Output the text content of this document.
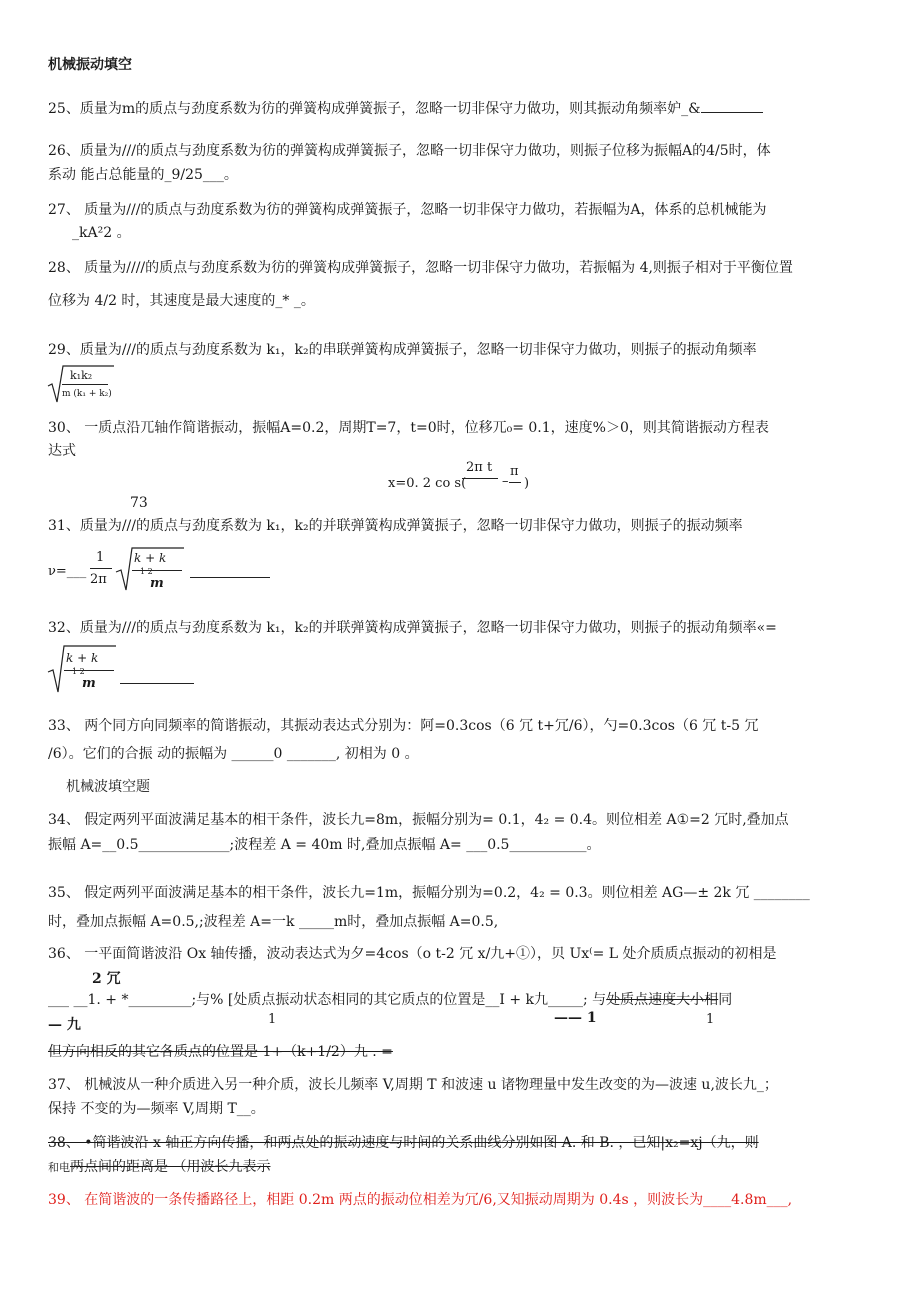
机械振动填空
25、质量为m的质点与劲度系数为彷的弹簧构成弹簧振子，忽略一切非保守力做功，则其振动角频率妒_&
26、质量为///的质点与劲度系数为彷的弹簧构成弹簧振子，忽略一切非保守力做功，则振子位移为振幅A的4/5时，体
系动 能占总能量的_9/25___。
27、 质量为///的质点与劲度系数为彷的弹簧构成弹簧振子，忽略一切非保守力做功，若振幅为A，体系的总机械能为
_kA²2 。
28、 质量为////的质点与劲度系数为彷的弹簧构成弹簧振子，忽略一切非保守力做功，若振幅为 4,则振子相对于平衡位置
位移为 4/2 时，其速度是最大速度的_* _。
29、质量为///的质点与劲度系数为 k₁，k₂的串联弹簧构成弹簧振子，忽略一切非保守力做功，则振子的振动角频率
k₁k₂
m (k₁ + k₂)
30、 一质点沿兀轴作简谐振动，振幅A=0.2，周期T=7，t=0时，位移兀₀= 0.1，速度%＞0，则其简谐振动方程表
达式
x=0. 2 co s(
2π t
–
π
)
73
31、质量为///的质点与劲度系数为 k₁，k₂的并联弹簧构成弹簧振子，忽略一切非保守力做功，则振子的振动频率
ν=___
1
2π
k + k
1 2
m
32、质量为///的质点与劲度系数为 k₁，k₂的并联弹簧构成弹簧振子，忽略一切非保守力做功，则振子的振动角频率«=
k + k
1 2
m
33、 两个同方向同频率的简谐振动，其振动表达式分别为：阿=0.3cos（6 冗 t+冗/6），勺=0.3cos（6 冗 t-5 冗
/6）。它们的合振 动的振幅为 ______0 _______, 初相为 0 。
机械波填空题
34、 假定两列平面波满足基本的相干条件，波长九=8m，振幅分别为= 0.1，4₂ = 0.4。则位相差 A①=2 冗时,叠加点
振幅 A=__0.5_____________;波程差 A = 40m 时,叠加点振幅 A= ___0.5___________。
35、 假定两列平面波满足基本的相干条件，波长九=1m，振幅分别为=0.2，4₂ = 0.3。则位相差 AG—± 2k 冗 ________
时，叠加点振幅 A=0.5,;波程差 A=一k _____m时，叠加点振幅 A=0.5,
36、 一平面简谐波沿 Ox 轴传播，波动表达式为夕=4cos（o t-2 冗 x/九+①），贝 Ux⁽= L 处介质质点振动的初相是
2 冗
___ __1. + *_________;与% [处质点振动状态相同的其它质点的位置是__I + k九_____; 与处质点速度大小相同
— 九	1	—— 1	1
但方向相反的其它各质点的位置是 1+（k+1/2）九 . =
37、 机械波从一种介质进入另一种介质，波长儿频率 V,周期 T 和波速 u 诸物理量中发生改变的为—波速 u,波长九_；
保持 不变的为—频率 V,周期 T__。
38、 •简谐波沿 x 轴正方向传播，和两点处的振动速度与时间的关系曲线分别如图 A. 和 B. ，已知|x₂=xj（九，则
和电两点间的距离是 （用波长九表示
39、 在简谐波的一条传播路径上，相距 0.2m 两点的振动位相差为冗/6,又知振动周期为 0.4s ，则波长为____4.8m___,
